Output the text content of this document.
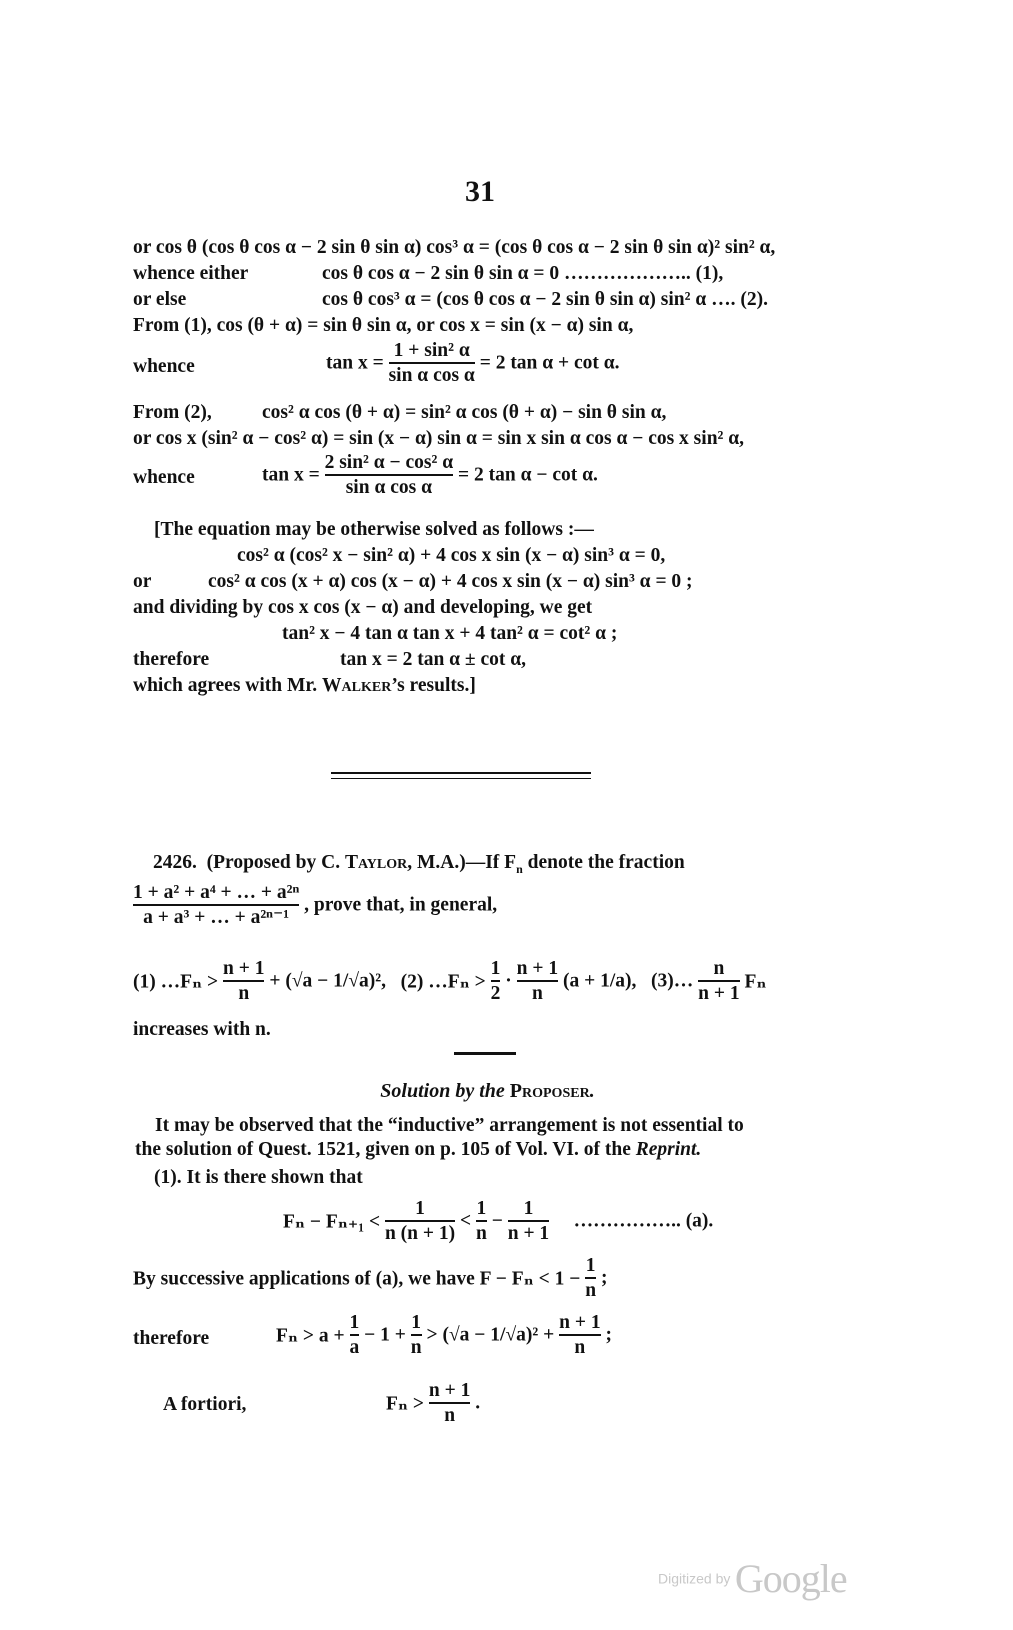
31
or cos θ (cos θ cos α − 2 sin θ sin α) cos³ α = (cos θ cos α − 2 sin θ sin α)² sin² α,
whence either	cos θ cos α − 2 sin θ sin α = 0 ……………….. (1),
or else	cos θ cos³ α = (cos θ cos α − 2 sin θ sin α) sin² α …. (2).
From (1), cos (θ + α) = sin θ sin α, or cos x = sin (x − α) sin α,
whence	$\tan x = \frac{\text{1 + sin² α}}{\text{sin α cos α}} = 2$ tan α + cot α.
From (2),	cos² α cos (θ + α) = sin² α cos (θ + α) − sin θ sin α,
or cos x (sin² α − cos² α) = sin (x − α) sin α = sin x sin α cos α − cos x sin² α,
whence	$\tan x = \frac{\text{2 sin² α − cos² α}}{\text{sin α cos α}} = 2$ tan α − cot α.
[The equation may be otherwise solved as follows :—
cos² α (cos² x − sin² α) + 4 cos x sin (x − α) sin³ α = 0,
or	cos² α cos (x + α) cos (x − α) + 4 cos x sin (x − α) sin³ α = 0 ;
and dividing by cos x cos (x − α) and developing, we get
tan² x − 4 tan α tan x + 4 tan² α = cot² α ;
therefore	tan x = 2 tan α ± cot α,
which agrees with Mr. Walker’s results.]
2426. (Proposed by C. Taylor, M.A.)—If $F_n$ denote the fraction
$\frac{\text{1 + a² + a⁴ + … + a²ⁿ}}{\text{a + a³ + … + a²ⁿ⁻¹}}$ , prove that, in general,
(1) …Fₙ > $\frac{n + 1}{n} + (√a - 1/√a)^2$, (2) …Fₙ > $\frac{1}{2} \cdot \frac{n + 1}{n} (a + 1/a)$, (3)… $\frac{n}{n + 1}$ Fₙ
increases with n.
Solution by the Proposer.
It may be observed that the “inductive” arrangement is not essential to
the solution of Quest. 1521, given on p. 105 of Vol. VI. of the Reprint.
(1). It is there shown that
$F_n - F_{n+1} < \frac{1}{n (n + 1)} < \frac{1}{n} - \frac{1}{n + 1}$ …………….. (a).
By successive applications of (a), we have $F - F_n < 1 - \frac{1}{n}$ ;
therefore	$F_n > a + \frac{1}{a} - 1 + \frac{1}{n} > (√a - 1/√a)^2 + \frac{n + 1}{n}$ ;
A fortiori,	$F_n > \frac{n + 1}{n}$ .
Digitized by Google
